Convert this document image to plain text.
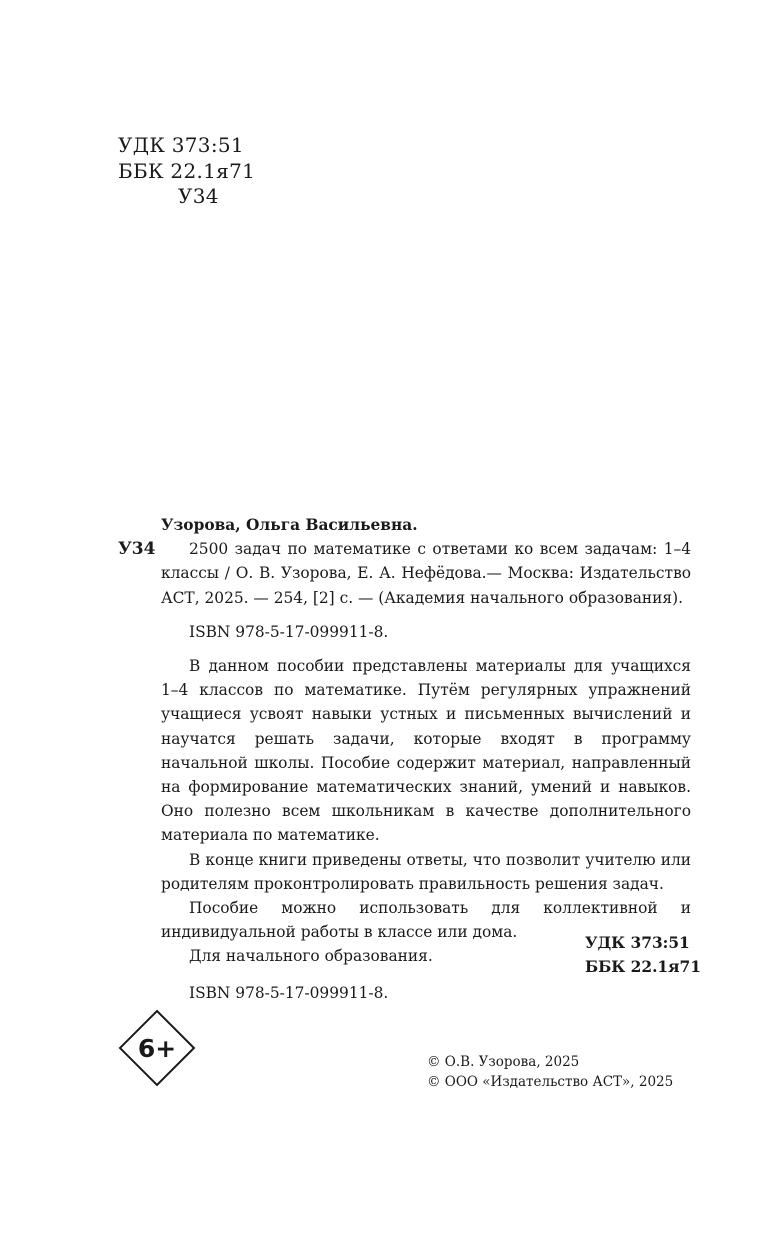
УДК 373:51
ББК 22.1я71
У34
У34

Узорова, Ольга Васильевна.

2500 задач по математике с ответами ко всем задачам: 1–4 классы / О. В. Узорова, Е. А. Нефёдова.— Москва: Издательство АСТ, 2025. — 254, [2] с. — (Академия начального образования).

ISBN 978-5-17-099911-8.

В данном пособии представлены материалы для учащихся 1–4 классов по математике. Путём регулярных упражнений учащиеся усвоят навыки устных и письменных вычислений и научатся решать задачи, которые входят в программу начальной школы. Пособие содержит материал, направленный на формирование математических знаний, умений и навыков. Оно полезно всем школьникам в качестве дополнительного материала по математике.

В конце книги приведены ответы, что позволит учителю или родителям проконтролировать правильность решения задач.

Пособие можно использовать для коллективной и индивидуальной работы в классе или дома.

Для начального образования.

УДК 373:51
ББК 22.1я71
ISBN 978-5-17-099911-8.
6+	© О.В. Узорова, 2025
© ООО «Издательство АСТ», 2025
